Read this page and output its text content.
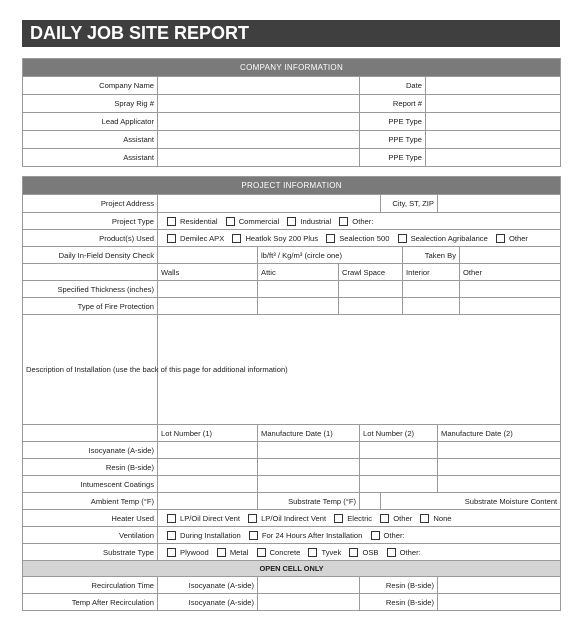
DAILY JOB SITE REPORT
COMPANY INFORMATION			
Company Name		Date	
Spray Rig #		Report #	
Lead Applicator		PPE Type	
Assistant		PPE Type	
Assistant		PPE Type	
PROJECT INFORMATION								
Project Address					City, ST, ZIP			
Project Type	Residential Commercial Industrial Other:							
Product(s) Used	Demilec APX Heatlok Soy 200 Plus Sealection 500 Sealection Agribalance Other							
Daily In-Field Density Check		lb/ft³ / Kg/m³ (circle one)				Taken By		
	Walls	Attic	Crawl Space			Interior		Other
Specified Thickness (inches)								
Type of Fire Protection								
Description of Installation (use the back of this page for additional information)								
	Lot Number (1)	Manufacture Date (1)		Lot Number (2)			Manufacture Date (2)	
Isocyanate (A-side)								
Resin (B-side)								
Intumescent Coatings								
Ambient Temp (°F)		Substrate Temp (°F)			Substrate Moisture Content			
Heater Used	LP/Oil Direct Vent LP/Oil Indirect Vent Electric Other None							
Ventilation	During Installation For 24 Hours After Installation Other:							
Substrate Type	Plywood Metal Concrete Tyvek OSB Other:							
OPEN CELL ONLY								
Recirculation Time	Isocyanate (A-side)			Resin (B-side)				
Temp After Recirculation	Isocyanate (A-side)			Resin (B-side)				
